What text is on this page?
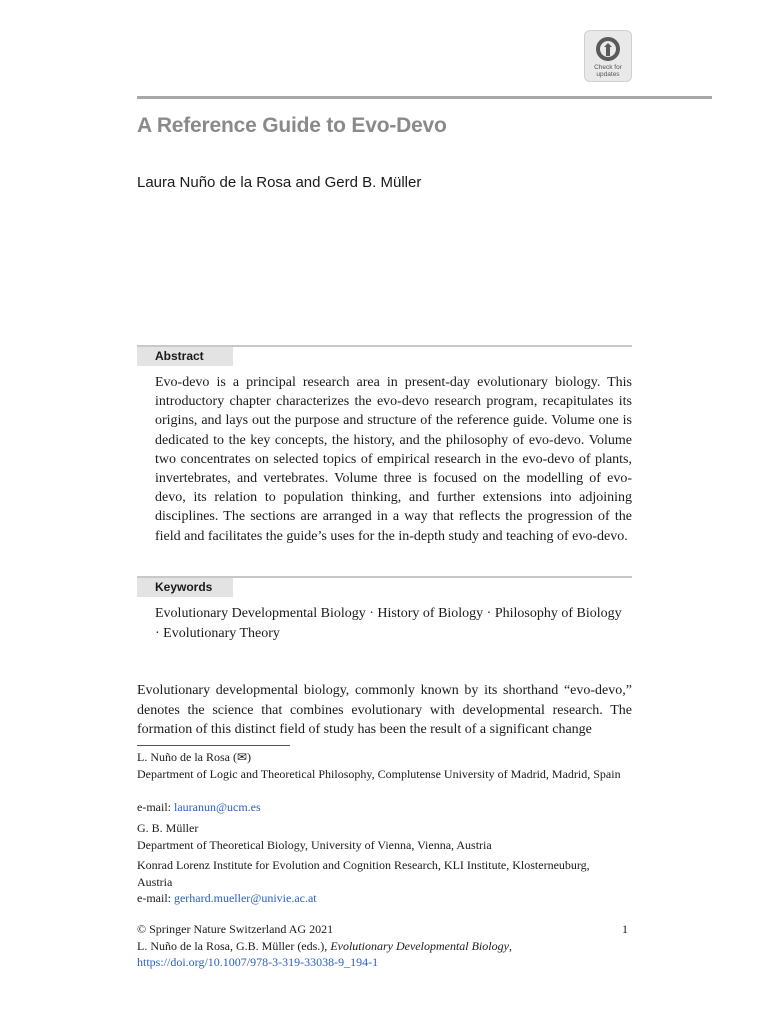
Check for
updates
A Reference Guide to Evo-Devo

Laura Nuño de la Rosa and Gerd B. Müller

Abstract

Evo-devo is a principal research area in present-day evolutionary biology. This introductory chapter characterizes the evo-devo research program, recapitulates its origins, and lays out the purpose and structure of the reference guide. Volume one is dedicated to the key concepts, the history, and the philosophy of evo-devo. Volume two concentrates on selected topics of empirical research in the evo-devo of plants, invertebrates, and vertebrates. Volume three is focused on the modelling of evo-devo, its relation to population thinking, and further extensions into adjoining disciplines. The sections are arranged in a way that reflects the progression of the field and facilitates the guide’s uses for the in-depth study and teaching of evo-devo.

Keywords

Evolutionary Developmental Biology · History of Biology · Philosophy of Biology · Evolutionary Theory

Evolutionary developmental biology, commonly known by its shorthand “evo-devo,” denotes the science that combines evolutionary with developmental research. The formation of this distinct field of study has been the result of a significant change

L. Nuño de la Rosa (✉)

Department of Logic and Theoretical Philosophy, Complutense University of Madrid, Madrid, Spain

e-mail: lauranun@ucm.es

G. B. Müller

Department of Theoretical Biology, University of Vienna, Vienna, Austria

Konrad Lorenz Institute for Evolution and Cognition Research, KLI Institute, Klosterneuburg, Austria

e-mail: gerhard.mueller@univie.ac.at

© Springer Nature Switzerland AG 2021
L. Nuño de la Rosa, G.B. Müller (eds.), Evolutionary Developmental Biology,
https://doi.org/10.1007/978-3-319-33038-9_194-1
1
